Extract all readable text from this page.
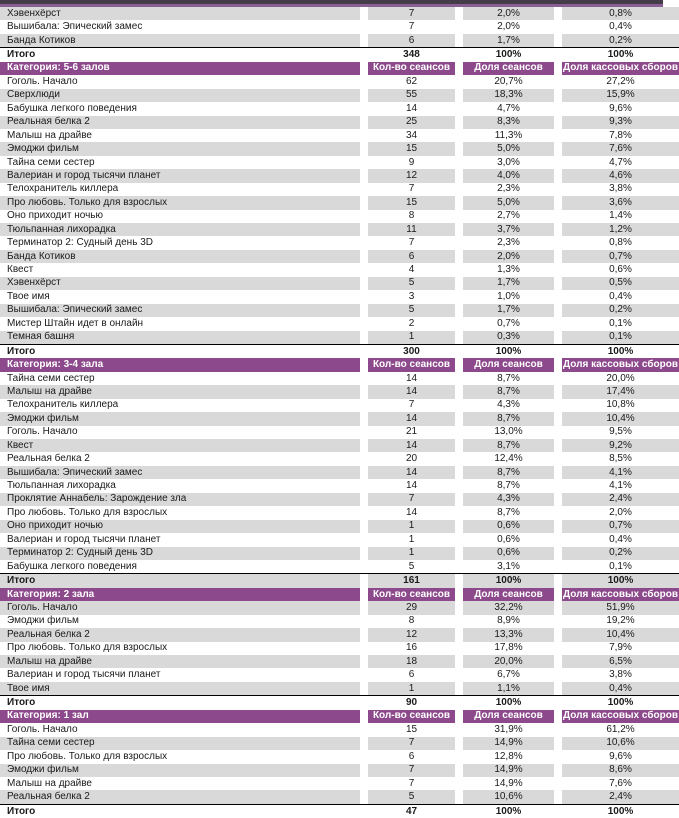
Хэвенхёрст	7	2,0%	0,8%
Вышибала: Эпический замес	7	2,0%	0,4%
Банда Котиков	6	1,7%	0,2%
Итого	348	100%	100%
Категория: 5-6 залов	Кол-во сеансов	Доля сеансов	Доля кассовых сборов
Гоголь. Начало	62	20,7%	27,2%
Сверхлюди	55	18,3%	15,9%
Бабушка легкого поведения	14	4,7%	9,6%
Реальная белка 2	25	8,3%	9,3%
Малыш на драйве	34	11,3%	7,8%
Эмоджи фильм	15	5,0%	7,6%
Тайна семи сестер	9	3,0%	4,7%
Валериан и город тысячи планет	12	4,0%	4,6%
Телохранитель киллера	7	2,3%	3,8%
Про любовь. Только для взрослых	15	5,0%	3,6%
Оно приходит ночью	8	2,7%	1,4%
Тюльпанная лихорадка	11	3,7%	1,2%
Терминатор 2: Судный день 3D	7	2,3%	0,8%
Банда Котиков	6	2,0%	0,7%
Квест	4	1,3%	0,6%
Хэвенхёрст	5	1,7%	0,5%
Твое имя	3	1,0%	0,4%
Вышибала: Эпический замес	5	1,7%	0,2%
Мистер Штайн идет в онлайн	2	0,7%	0,1%
Темная башня	1	0,3%	0,1%
Итого	300	100%	100%
Категория: 3-4 зала	Кол-во сеансов	Доля сеансов	Доля кассовых сборов
Тайна семи сестер	14	8,7%	20,0%
Малыш на драйве	14	8,7%	17,4%
Телохранитель киллера	7	4,3%	10,8%
Эмоджи фильм	14	8,7%	10,4%
Гоголь. Начало	21	13,0%	9,5%
Квест	14	8,7%	9,2%
Реальная белка 2	20	12,4%	8,5%
Вышибала: Эпический замес	14	8,7%	4,1%
Тюльпанная лихорадка	14	8,7%	4,1%
Проклятие Аннабель: Зарождение зла	7	4,3%	2,4%
Про любовь. Только для взрослых	14	8,7%	2,0%
Оно приходит ночью	1	0,6%	0,7%
Валериан и город тысячи планет	1	0,6%	0,4%
Терминатор 2: Судный день 3D	1	0,6%	0,2%
Бабушка легкого поведения	5	3,1%	0,1%
Итого	161	100%	100%
Категория: 2 зала	Кол-во сеансов	Доля сеансов	Доля кассовых сборов
Гоголь. Начало	29	32,2%	51,9%
Эмоджи фильм	8	8,9%	19,2%
Реальная белка 2	12	13,3%	10,4%
Про любовь. Только для взрослых	16	17,8%	7,9%
Малыш на драйве	18	20,0%	6,5%
Валериан и город тысячи планет	6	6,7%	3,8%
Твое имя	1	1,1%	0,4%
Итого	90	100%	100%
Категория: 1 зал	Кол-во сеансов	Доля сеансов	Доля кассовых сборов
Гоголь. Начало	15	31,9%	61,2%
Тайна семи сестер	7	14,9%	10,6%
Про любовь. Только для взрослых	6	12,8%	9,6%
Эмоджи фильм	7	14,9%	8,6%
Малыш на драйве	7	14,9%	7,6%
Реальная белка 2	5	10,6%	2,4%
Итого	47	100%	100%
